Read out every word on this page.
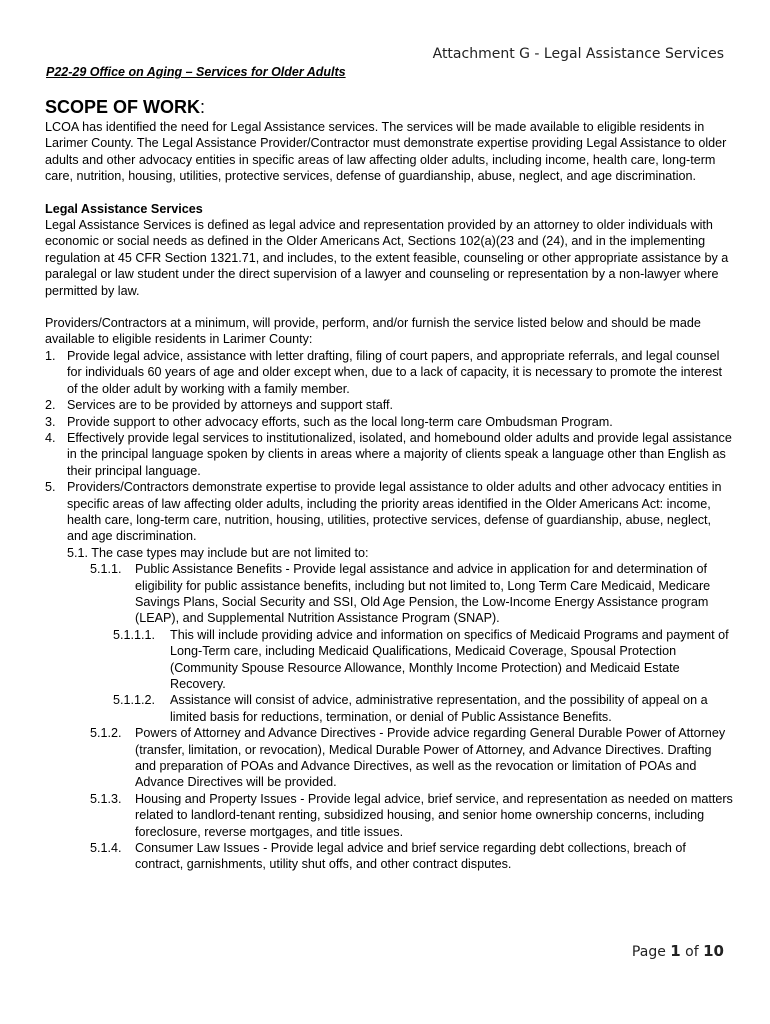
Attachment G - Legal Assistance Services
P22-29 Office on Aging – Services for Older Adults
SCOPE OF WORK:

LCOA has identified the need for Legal Assistance services. The services will be made available to eligible residents in Larimer County. The Legal Assistance Provider/Contractor must demonstrate expertise providing Legal Assistance to older adults and other advocacy entities in specific areas of law affecting older adults, including income, health care, long-term care, nutrition, housing, utilities, protective services, defense of guardianship, abuse, neglect, and age discrimination.

Legal Assistance Services

Legal Assistance Services is defined as legal advice and representation provided by an attorney to older individuals with economic or social needs as defined in the Older Americans Act, Sections 102(a)(23 and (24), and in the implementing regulation at 45 CFR Section 1321.71, and includes, to the extent feasible, counseling or other appropriate assistance by a paralegal or law student under the direct supervision of a lawyer and counseling or representation by a non-lawyer where permitted by law.

Providers/Contractors at a minimum, will provide, perform, and/or furnish the service listed below and should be made available to eligible residents in Larimer County:

1. Provide legal advice, assistance with letter drafting, filing of court papers, and appropriate referrals, and legal counsel for individuals 60 years of age and older except when, due to a lack of capacity, it is necessary to promote the interest of the older adult by working with a family member.
2. Services are to be provided by attorneys and support staff.
3. Provide support to other advocacy efforts, such as the local long-term care Ombudsman Program.
4. Effectively provide legal services to institutionalized, isolated, and homebound older adults and provide legal assistance in the principal language spoken by clients in areas where a majority of clients speak a language other than English as their principal language.
5. Providers/Contractors demonstrate expertise to provide legal assistance to older adults and other advocacy entities in specific areas of law affecting older adults, including the priority areas identified in the Older Americans Act: income, health care, long-term care, nutrition, housing, utilities, protective services, defense of guardianship, abuse, neglect, and age discrimination.
5.1. The case types may include but are not limited to:
5.1.1. Public Assistance Benefits - Provide legal assistance and advice in application for and determination of eligibility for public assistance benefits, including but not limited to, Long Term Care Medicaid, Medicare Savings Plans, Social Security and SSI, Old Age Pension, the Low-Income Energy Assistance program (LEAP), and Supplemental Nutrition Assistance Program (SNAP).
5.1.1.1. This will include providing advice and information on specifics of Medicaid Programs and payment of Long-Term care, including Medicaid Qualifications, Medicaid Coverage, Spousal Protection (Community Spouse Resource Allowance, Monthly Income Protection) and Medicaid Estate Recovery.
5.1.1.2. Assistance will consist of advice, administrative representation, and the possibility of appeal on a limited basis for reductions, termination, or denial of Public Assistance Benefits.
5.1.2. Powers of Attorney and Advance Directives - Provide advice regarding General Durable Power of Attorney (transfer, limitation, or revocation), Medical Durable Power of Attorney, and Advance Directives. Drafting and preparation of POAs and Advance Directives, as well as the revocation or limitation of POAs and Advance Directives will be provided.
5.1.3. Housing and Property Issues - Provide legal advice, brief service, and representation as needed on matters related to landlord-tenant renting, subsidized housing, and senior home ownership concerns, including foreclosure, reverse mortgages, and title issues.
5.1.4. Consumer Law Issues - Provide legal advice and brief service regarding debt collections, breach of contract, garnishments, utility shut offs, and other contract disputes.
Page 1 of 10
